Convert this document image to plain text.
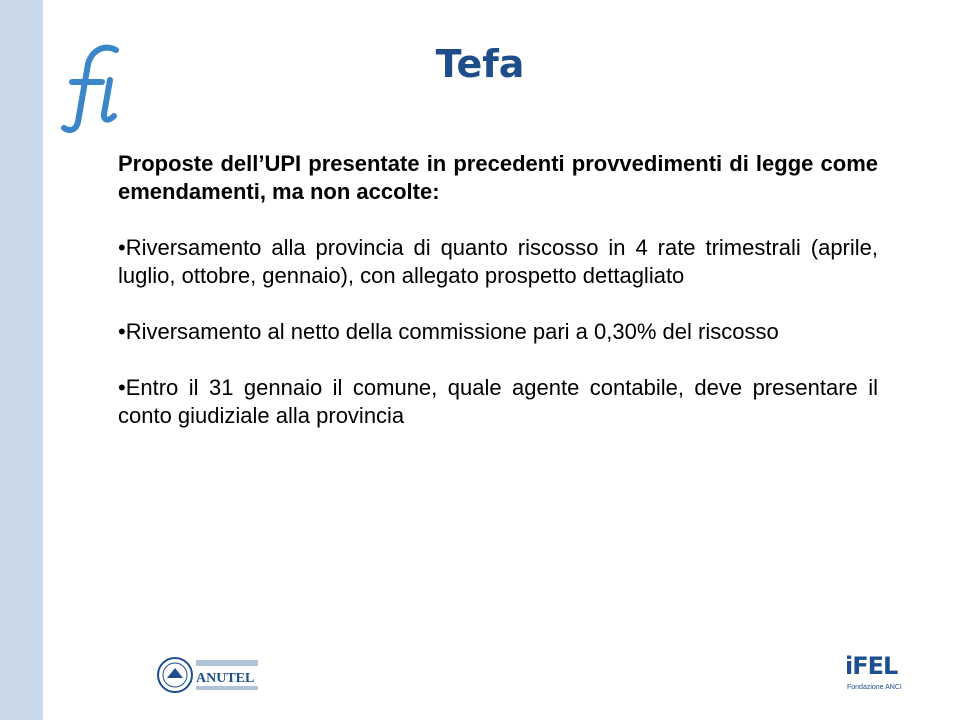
Tefa

Proposte dell’UPI presentate in precedenti provvedimenti di legge come emendamenti, ma non accolte:

•Riversamento alla provincia di quanto riscosso in 4 rate trimestrali (aprile, luglio, ottobre, gennaio), con allegato prospetto dettagliato

•Riversamento al netto della commissione pari a 0,30% del riscosso

•Entro il 31 gennaio il comune, quale agente contabile, deve presentare il conto giudiziale alla provincia

ANUTEL	iFEL
Fondazione ANCI
